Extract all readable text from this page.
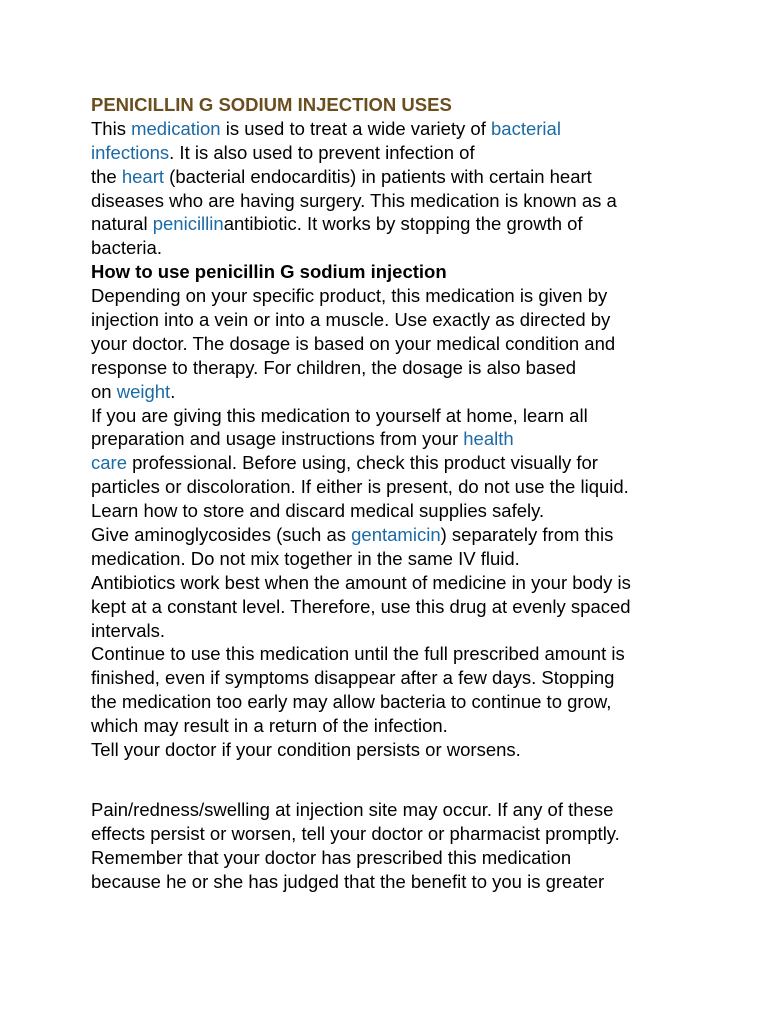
PENICILLIN G SODIUM INJECTION USES
This medication is used to treat a wide variety of bacterial
infections. It is also used to prevent infection of
the heart (bacterial endocarditis) in patients with certain heart
diseases who are having surgery. This medication is known as a
natural penicillinantibiotic. It works by stopping the growth of
bacteria.
How to use penicillin G sodium injection
Depending on your specific product, this medication is given by
injection into a vein or into a muscle. Use exactly as directed by
your doctor. The dosage is based on your medical condition and
response to therapy. For children, the dosage is also based
on weight.
If you are giving this medication to yourself at home, learn all
preparation and usage instructions from your health
care professional. Before using, check this product visually for
particles or discoloration. If either is present, do not use the liquid.
Learn how to store and discard medical supplies safely.
Give aminoglycosides (such as gentamicin) separately from this
medication. Do not mix together in the same IV fluid.
Antibiotics work best when the amount of medicine in your body is
kept at a constant level. Therefore, use this drug at evenly spaced
intervals.
Continue to use this medication until the full prescribed amount is
finished, even if symptoms disappear after a few days. Stopping
the medication too early may allow bacteria to continue to grow,
which may result in a return of the infection.
Tell your doctor if your condition persists or worsens.
Pain/redness/swelling at injection site may occur. If any of these
effects persist or worsen, tell your doctor or pharmacist promptly.
Remember that your doctor has prescribed this medication
because he or she has judged that the benefit to you is greater
